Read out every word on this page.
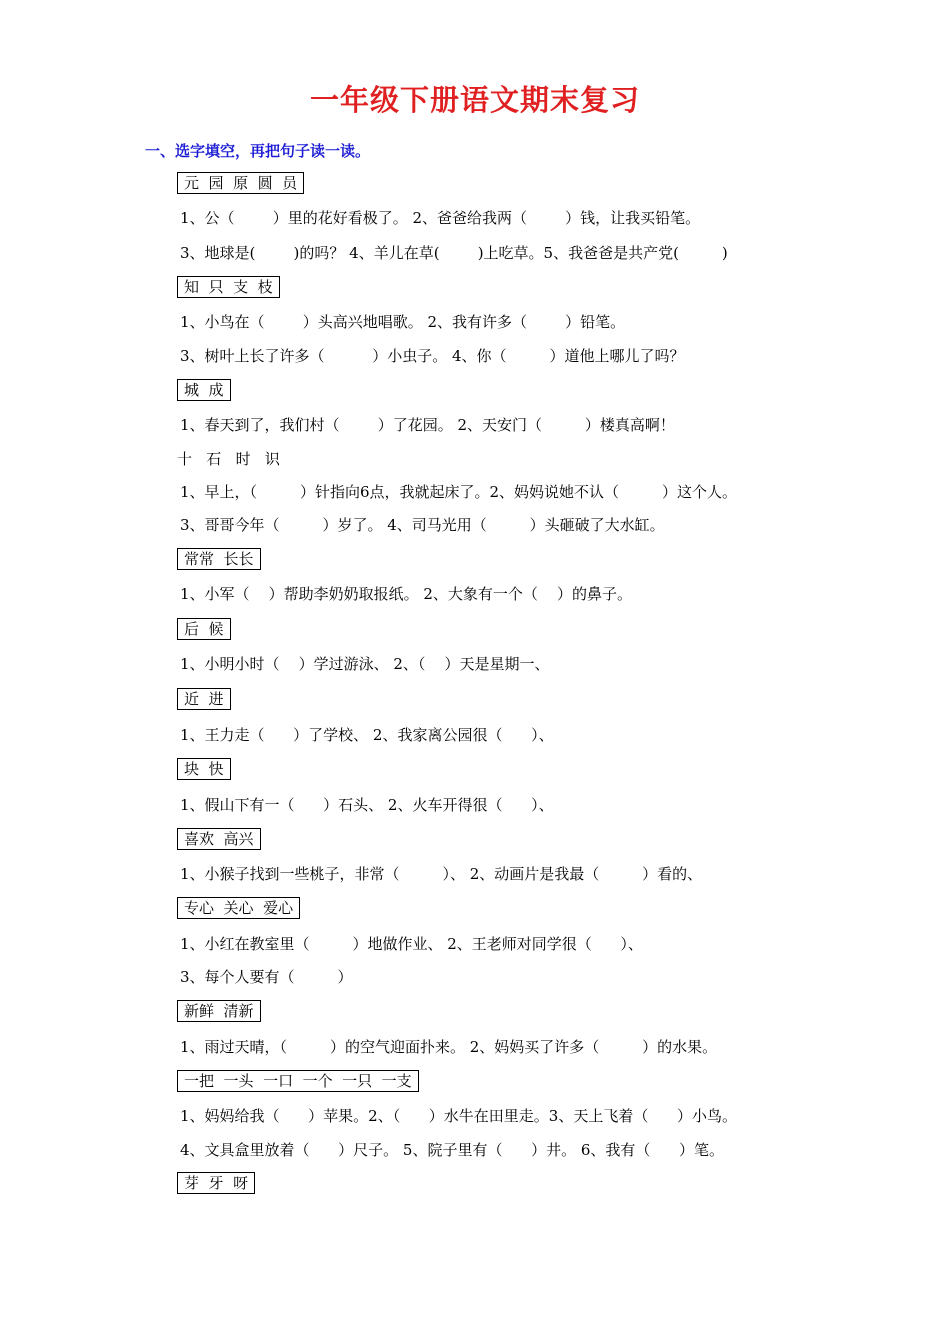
一年级下册语文期末复习
一、选字填空，再把句子读一读。
元  园  原  圆  员
1、公（        ）里的花好看极了。 2、爸爸给我两（        ）钱，让我买铅笔。
3、地球是(        )的吗？ 4、羊儿在草(        )上吃草。5、我爸爸是共产党(         )
知  只  支  枝
1、小鸟在（        ）头高兴地唱歌。 2、我有许多（        ）铅笔。
3、树叶上长了许多（          ）小虫子。 4、你（         ）道他上哪儿了吗？
城  成
1、春天到了，我们村（        ）了花园。 2、天安门（         ）楼真高啊！
十   石   时   识
1、早上，（         ）针指向6点，我就起床了。2、妈妈说她不认（         ）这个人。
3、哥哥今年（         ）岁了。 4、司马光用（         ）头砸破了大水缸。
常常  长长
1、小军（    ）帮助李奶奶取报纸。 2、大象有一个（    ）的鼻子。
后  候
1、小明小时（    ）学过游泳、 2、（    ）天是星期一、
近  进
1、王力走（      ）了学校、 2、我家离公园很（      ）、
块  快
1、假山下有一（      ）石头、 2、火车开得很（      ）、
喜欢  高兴
1、小猴子找到一些桃子，非常（         ）、 2、动画片是我最（         ）看的、
专心  关心  爱心
1、小红在教室里（         ）地做作业、 2、王老师对同学很（      ）、
3、每个人要有（         ）
新鲜  清新
1、雨过天晴，（         ）的空气迎面扑来。 2、妈妈买了许多（         ）的水果。
一把  一头  一口  一个  一只  一支
1、妈妈给我（      ）苹果。2、（      ）水牛在田里走。3、天上飞着（      ）小鸟。
4、文具盒里放着（      ）尺子。 5、院子里有（      ）井。 6、我有（      ）笔。
芽  牙  呀
